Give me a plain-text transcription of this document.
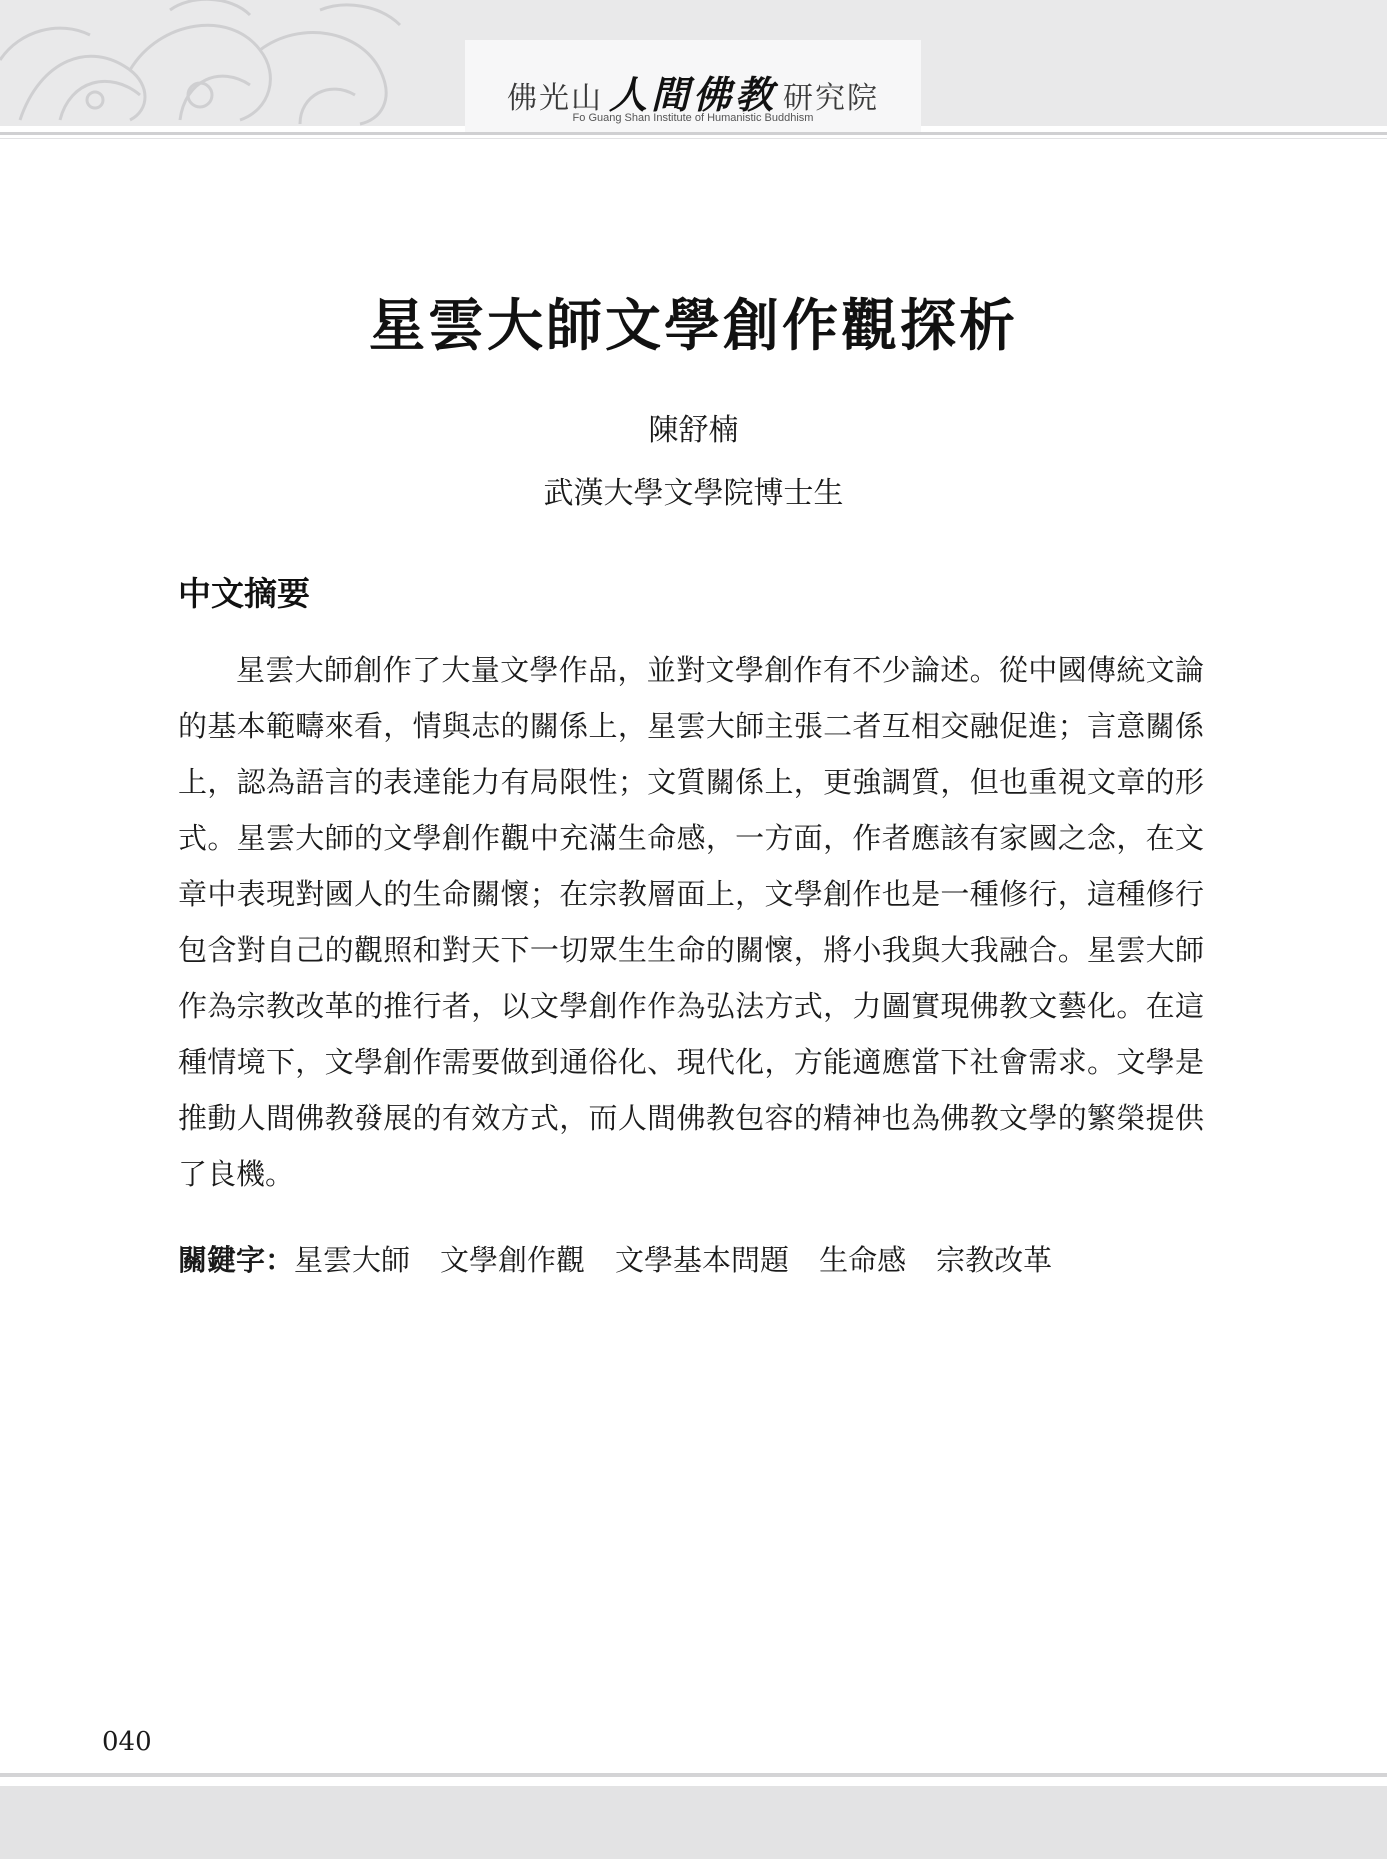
佛光山 人間佛教 研究院
Fo Guang Shan Institute of Humanistic Buddhism
星雲大師文學創作觀探析
陳舒楠
武漢大學文學院博士生
中文摘要

星雲大師創作了大量文學作品，並對文學創作有不少論述。從中國傳統文論的基本範疇來看，情與志的關係上，星雲大師主張二者互相交融促進；言意關係上，認為語言的表達能力有局限性；文質關係上，更強調質，但也重視文章的形式。星雲大師的文學創作觀中充滿生命感，一方面，作者應該有家國之念，在文章中表現對國人的生命關懷；在宗教層面上，文學創作也是一種修行，這種修行包含對自己的觀照和對天下一切眾生生命的關懷，將小我與大我融合。星雲大師作為宗教改革的推行者，以文學創作作為弘法方式，力圖實現佛教文藝化。在這種情境下，文學創作需要做到通俗化、現代化，方能適應當下社會需求。文學是推動人間佛教發展的有效方式，而人間佛教包容的精神也為佛教文學的繁榮提供了良機。

關鍵字：星雲大師 文學創作觀 文學基本問題 生命感 宗教改革
040
